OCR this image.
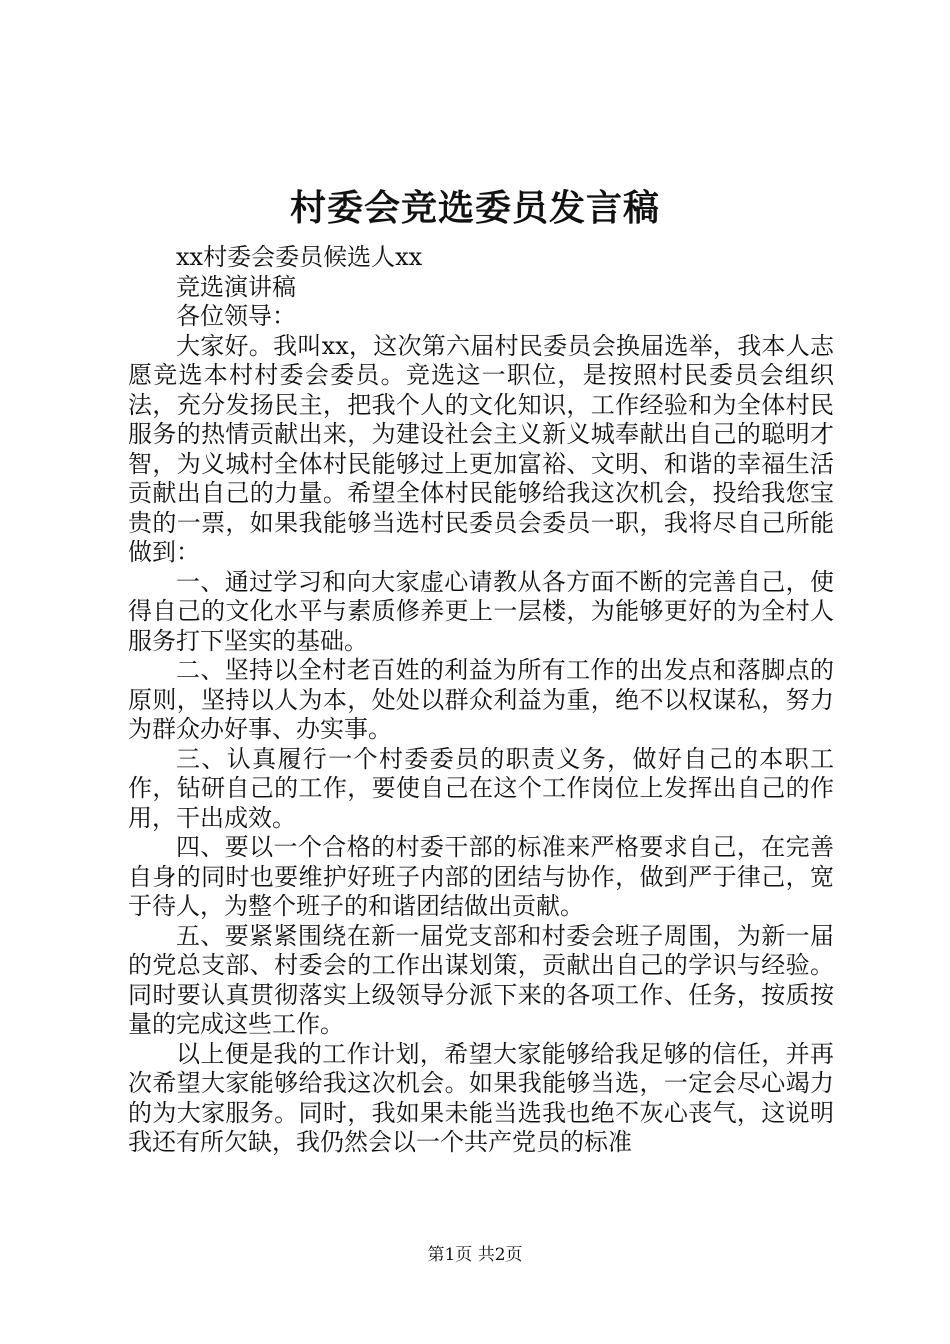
村委会竞选委员发言稿

xx村委会委员候选人xx

竞选演讲稿

各位领导：

大家好。我叫xx，这次第六届村民委员会换届选举，我本人志愿竞选本村村委会委员。竞选这一职位，是按照村民委员会组织法，充分发扬民主，把我个人的文化知识，工作经验和为全体村民服务的热情贡献出来，为建设社会主义新义城奉献出自己的聪明才智，为义城村全体村民能够过上更加富裕、文明、和谐的幸福生活贡献出自己的力量。希望全体村民能够给我这次机会，投给我您宝贵的一票，如果我能够当选村民委员会委员一职，我将尽自己所能做到：

一、通过学习和向大家虚心请教从各方面不断的完善自己，使得自己的文化水平与素质修养更上一层楼，为能够更好的为全村人服务打下坚实的基础。

二、坚持以全村老百姓的利益为所有工作的出发点和落脚点的原则，坚持以人为本，处处以群众利益为重，绝不以权谋私，努力为群众办好事、办实事。

三、认真履行一个村委委员的职责义务，做好自己的本职工作，钻研自己的工作，要使自己在这个工作岗位上发挥出自己的作用，干出成效。

四、要以一个合格的村委干部的标准来严格要求自己，在完善自身的同时也要维护好班子内部的团结与协作，做到严于律己，宽于待人，为整个班子的和谐团结做出贡献。

五、要紧紧围绕在新一届党支部和村委会班子周围，为新一届的党总支部、村委会的工作出谋划策，贡献出自己的学识与经验。同时要认真贯彻落实上级领导分派下来的各项工作、任务，按质按量的完成这些工作。

以上便是我的工作计划，希望大家能够给我足够的信任，并再次希望大家能够给我这次机会。如果我能够当选，一定会尽心竭力的为大家服务。同时，我如果未能当选我也绝不灰心丧气，这说明我还有所欠缺，我仍然会以一个共产党员的标准

第1页 共2页
